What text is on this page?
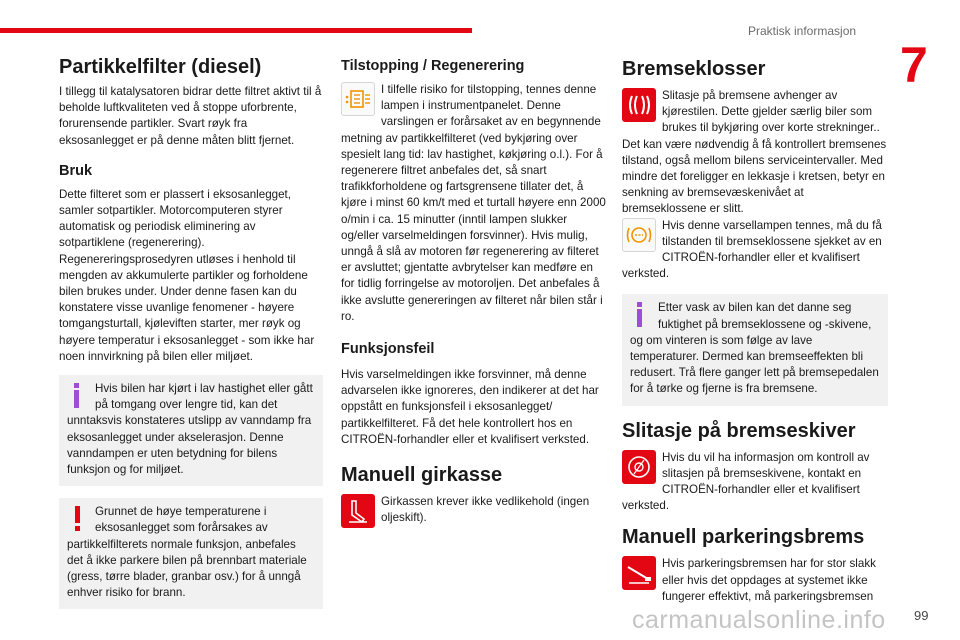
Praktisk informasjon
7
Partikkelfilter (diesel)

I tillegg til katalysatoren bidrar dette filtret aktivt til å beholde luftkvaliteten ved å stoppe uforbrente, forurensende partikler. Svart røyk fra eksosanlegget er på denne måten blitt fjernet.

Bruk

Dette filteret som er plassert i eksosanlegget, samler sotpartikler. Motorcomputeren styrer automatisk og periodisk eliminering av sotpartiklene (regenerering). Regenereringsprosedyren utløses i henhold til mengden av akkumulerte partikler og forholdene bilen brukes under. Under denne fasen kan du konstatere visse uvanlige fenomener - høyere tomgangsturtall, kjøleviften starter, mer røyk og høyere temperatur i eksosanlegget - som ikke har noen innvirkning på bilen eller miljøet.

Hvis bilen har kjørt i lav hastighet eller gått på tomgang over lengre tid, kan det unntaksvis konstateres utslipp av vanndamp fra eksosanlegget under akselerasjon. Denne vanndampen er uten betydning for bilens funksjon og for miljøet.

Grunnet de høye temperaturene i eksosanlegget som forårsakes av partikkelfilterets normale funksjon, anbefales det å ikke parkere bilen på brennbart materiale (gress, tørre blader, granbar osv.) for å unngå enhver risiko for brann.

Tilstopping / Regenerering

I tilfelle risiko for tilstopping, tennes denne lampen i instrumentpanelet. Denne varslingen er forårsaket av en begynnende metning av partikkelfilteret (ved bykjøring over spesielt lang tid: lav hastighet, køkjøring o.l.). For å regenerere filtret anbefales det, så snart trafikkforholdene og fartsgrensene tillater det, å kjøre i minst 60 km/t med et turtall høyere enn 2000 o/min i ca. 15 minutter (inntil lampen slukker og/eller varselmeldingen forsvinner). Hvis mulig, unngå å slå av motoren før regenerering av filteret er avsluttet; gjentatte avbrytelser kan medføre en for tidlig forringelse av motoroljen. Det anbefales å ikke avslutte genereringen av filteret når bilen står i ro.

Funksjonsfeil

Hvis varselmeldingen ikke forsvinner, må denne advarselen ikke ignoreres, den indikerer at det har oppstått en funksjonsfeil i eksosanlegget/ partikkelfilteret. Få det hele kontrollert hos en CITROËN-forhandler eller et kvalifisert verksted.

Manuell girkasse

Girkassen krever ikke vedlikehold (ingen oljeskift).

Bremseklosser

Slitasje på bremsene avhenger av kjørestilen. Dette gjelder særlig biler som brukes til bykjøring over korte strekninger.. Det kan være nødvendig å få kontrollert bremsenes tilstand, også mellom bilens serviceintervaller. Med mindre det foreligger en lekkasje i kretsen, betyr en senkning av bremsevæskenivået at bremseklossene er slitt.

Hvis denne varsellampen tennes, må du få tilstanden til bremseklossene sjekket av en CITROËN-forhandler eller et kvalifisert verksted.

Etter vask av bilen kan det danne seg fuktighet på bremseklossene og -skivene, og om vinteren is som følge av lave temperaturer. Dermed kan bremseeffekten bli redusert. Trå flere ganger lett på bremsepedalen for å tørke og fjerne is fra bremsene.

Slitasje på bremseskiver

Hvis du vil ha informasjon om kontroll av slitasjen på bremseskivene, kontakt en CITROËN-forhandler eller et kvalifisert verksted.

Manuell parkeringsbrems

Hvis parkeringsbremsen har for stor slakk eller hvis det oppdages at systemet ikke fungerer effektivt, må parkeringsbremsen

carmanualsonline.info 99
